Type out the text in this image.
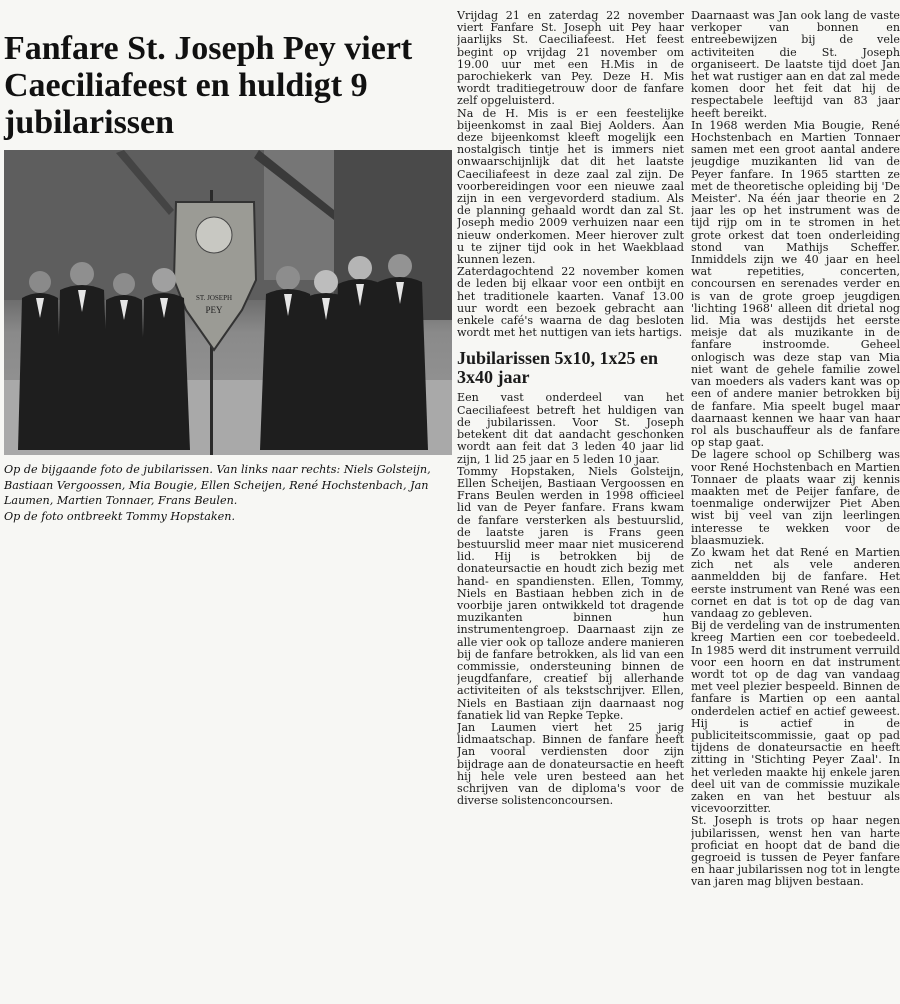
Fanfare St. Joseph Pey viert Caeciliafeest en huldigt 9 jubilarissen
ST. JOSEPH
PEY

Op de bijgaande foto de jubilarissen. Van links naar rechts: Niels Golsteijn, Bastiaan Vergoossen, Mia Bougie, Ellen Scheijen, René Hochstenbach, Jan Laumen, Martien Tonnaer, Frans Beulen.

Op de foto ontbreekt Tommy Hopstaken.

Vrijdag 21 en zaterdag 22 november viert Fanfare St. Joseph uit Pey haar jaarlijks St. Caeciliafeest. Het feest begint op vrijdag 21 november om 19.00 uur met een H.Mis in de parochiekerk van Pey. Deze H. Mis wordt traditiegetrouw door de fanfare zelf opgeluisterd.

Na de H. Mis is er een feestelijke bijeenkomst in zaal Biej Aolders. Aan deze bijeenkomst kleeft mogelijk een nostalgisch tintje het is immers niet onwaarschijnlijk dat dit het laatste Caeciliafeest in deze zaal zal zijn. De voorbereidingen voor een nieuwe zaal zijn in een vergevorderd stadium. Als de planning gehaald wordt dan zal St. Joseph medio 2009 verhuizen naar een nieuw onderkomen. Meer hierover zult u te zijner tijd ook in het Waekblaad kunnen lezen.

Zaterdagochtend 22 november komen de leden bij elkaar voor een ontbijt en het traditionele kaarten. Vanaf 13.00 uur wordt een bezoek gebracht aan enkele café's waarna de dag besloten wordt met het nuttigen van iets hartigs.

Jubilarissen 5x10, 1x25 en 3x40 jaar

Een vast onderdeel van het Caeciliafeest betreft het huldigen van de jubilarissen. Voor St. Joseph betekent dit dat aandacht geschonken wordt aan feit dat 3 leden 40 jaar lid zijn, 1 lid 25 jaar en 5 leden 10 jaar.

Tommy Hopstaken, Niels Golsteijn, Ellen Scheijen, Bastiaan Vergoossen en Frans Beulen werden in 1998 officieel lid van de Peyer fanfare. Frans kwam de fanfare versterken als bestuurslid, de laatste jaren is Frans geen bestuurslid meer maar niet musicerend lid. Hij is betrokken bij de donateursactie en houdt zich bezig met hand- en spandiensten. Ellen, Tommy, Niels en Bastiaan hebben zich in de voorbije jaren ontwikkeld tot dragende muzikanten binnen hun instrumentengroep. Daarnaast zijn ze alle vier ook op talloze andere manieren bij de fanfare betrokken, als lid van een commissie, ondersteuning binnen de jeugdfanfare, creatief bij allerhande activiteiten of als tekstschrijver. Ellen, Niels en Bastiaan zijn daarnaast nog fanatiek lid van Repke Tepke.

Jan Laumen viert het 25 jarig lidmaatschap. Binnen de fanfare heeft Jan vooral verdiensten door zijn bijdrage aan de donateursactie en heeft hij hele vele uren besteed aan het schrijven van de diploma's voor de diverse solistenconcoursen.

Daarnaast was Jan ook lang de vaste verkoper van bonnen en entreebewijzen bij de vele activiteiten die St. Joseph organiseert. De laatste tijd doet Jan het wat rustiger aan en dat zal mede komen door het feit dat hij de respectabele leeftijd van 83 jaar heeft bereikt.

In 1968 werden Mia Bougie, René Hochstenbach en Martien Tonnaer samen met een groot aantal andere jeugdige muzikanten lid van de Peyer fanfare. In 1965 startten ze met de theoretische opleiding bij 'De Meister'. Na één jaar theorie en 2 jaar les op het instrument was de tijd rijp om in te stromen in het grote orkest dat toen onderleiding stond van Mathijs Scheffer. Inmiddels zijn we 40 jaar en heel wat repetities, concerten, concoursen en serenades verder en is van de grote groep jeugdigen 'lichting 1968' alleen dit drietal nog lid. Mia was destijds het eerste meisje dat als muzikante in de fanfare instroomde. Geheel onlogisch was deze stap van Mia niet want de gehele familie zowel van moeders als vaders kant was op een of andere manier betrokken bij de fanfare. Mia speelt bugel maar daarnaast kennen we haar van haar rol als buschauffeur als de fanfare op stap gaat.

De lagere school op Schilberg was voor René Hochstenbach en Martien Tonnaer de plaats waar zij kennis maakten met de Peijer fanfare, de toenmalige onderwijzer Piet Aben wist bij veel van zijn leerlingen interesse te wekken voor de blaasmuziek.

Zo kwam het dat René en Martien zich net als vele anderen aanmeldden bij de fanfare. Het eerste instrument van René was een cornet en dat is tot op de dag van vandaag zo gebleven.

Bij de verdeling van de instrumenten kreeg Martien een cor toebedeeld. In 1985 werd dit instrument verruild voor een hoorn en dat instrument wordt tot op de dag van vandaag met veel plezier bespeeld. Binnen de fanfare is Martien op een aantal onderdelen actief en actief geweest. Hij is actief in de publiciteitscommissie, gaat op pad tijdens de donateursactie en heeft zitting in 'Stichting Peyer Zaal'. In het verleden maakte hij enkele jaren deel uit van de commissie muzikale zaken en van het bestuur als vicevoorzitter.

St. Joseph is trots op haar negen jubilarissen, wenst hen van harte proficiat en hoopt dat de band die gegroeid is tussen de Peyer fanfare en haar jubilarissen nog tot in lengte van jaren mag blijven bestaan.
